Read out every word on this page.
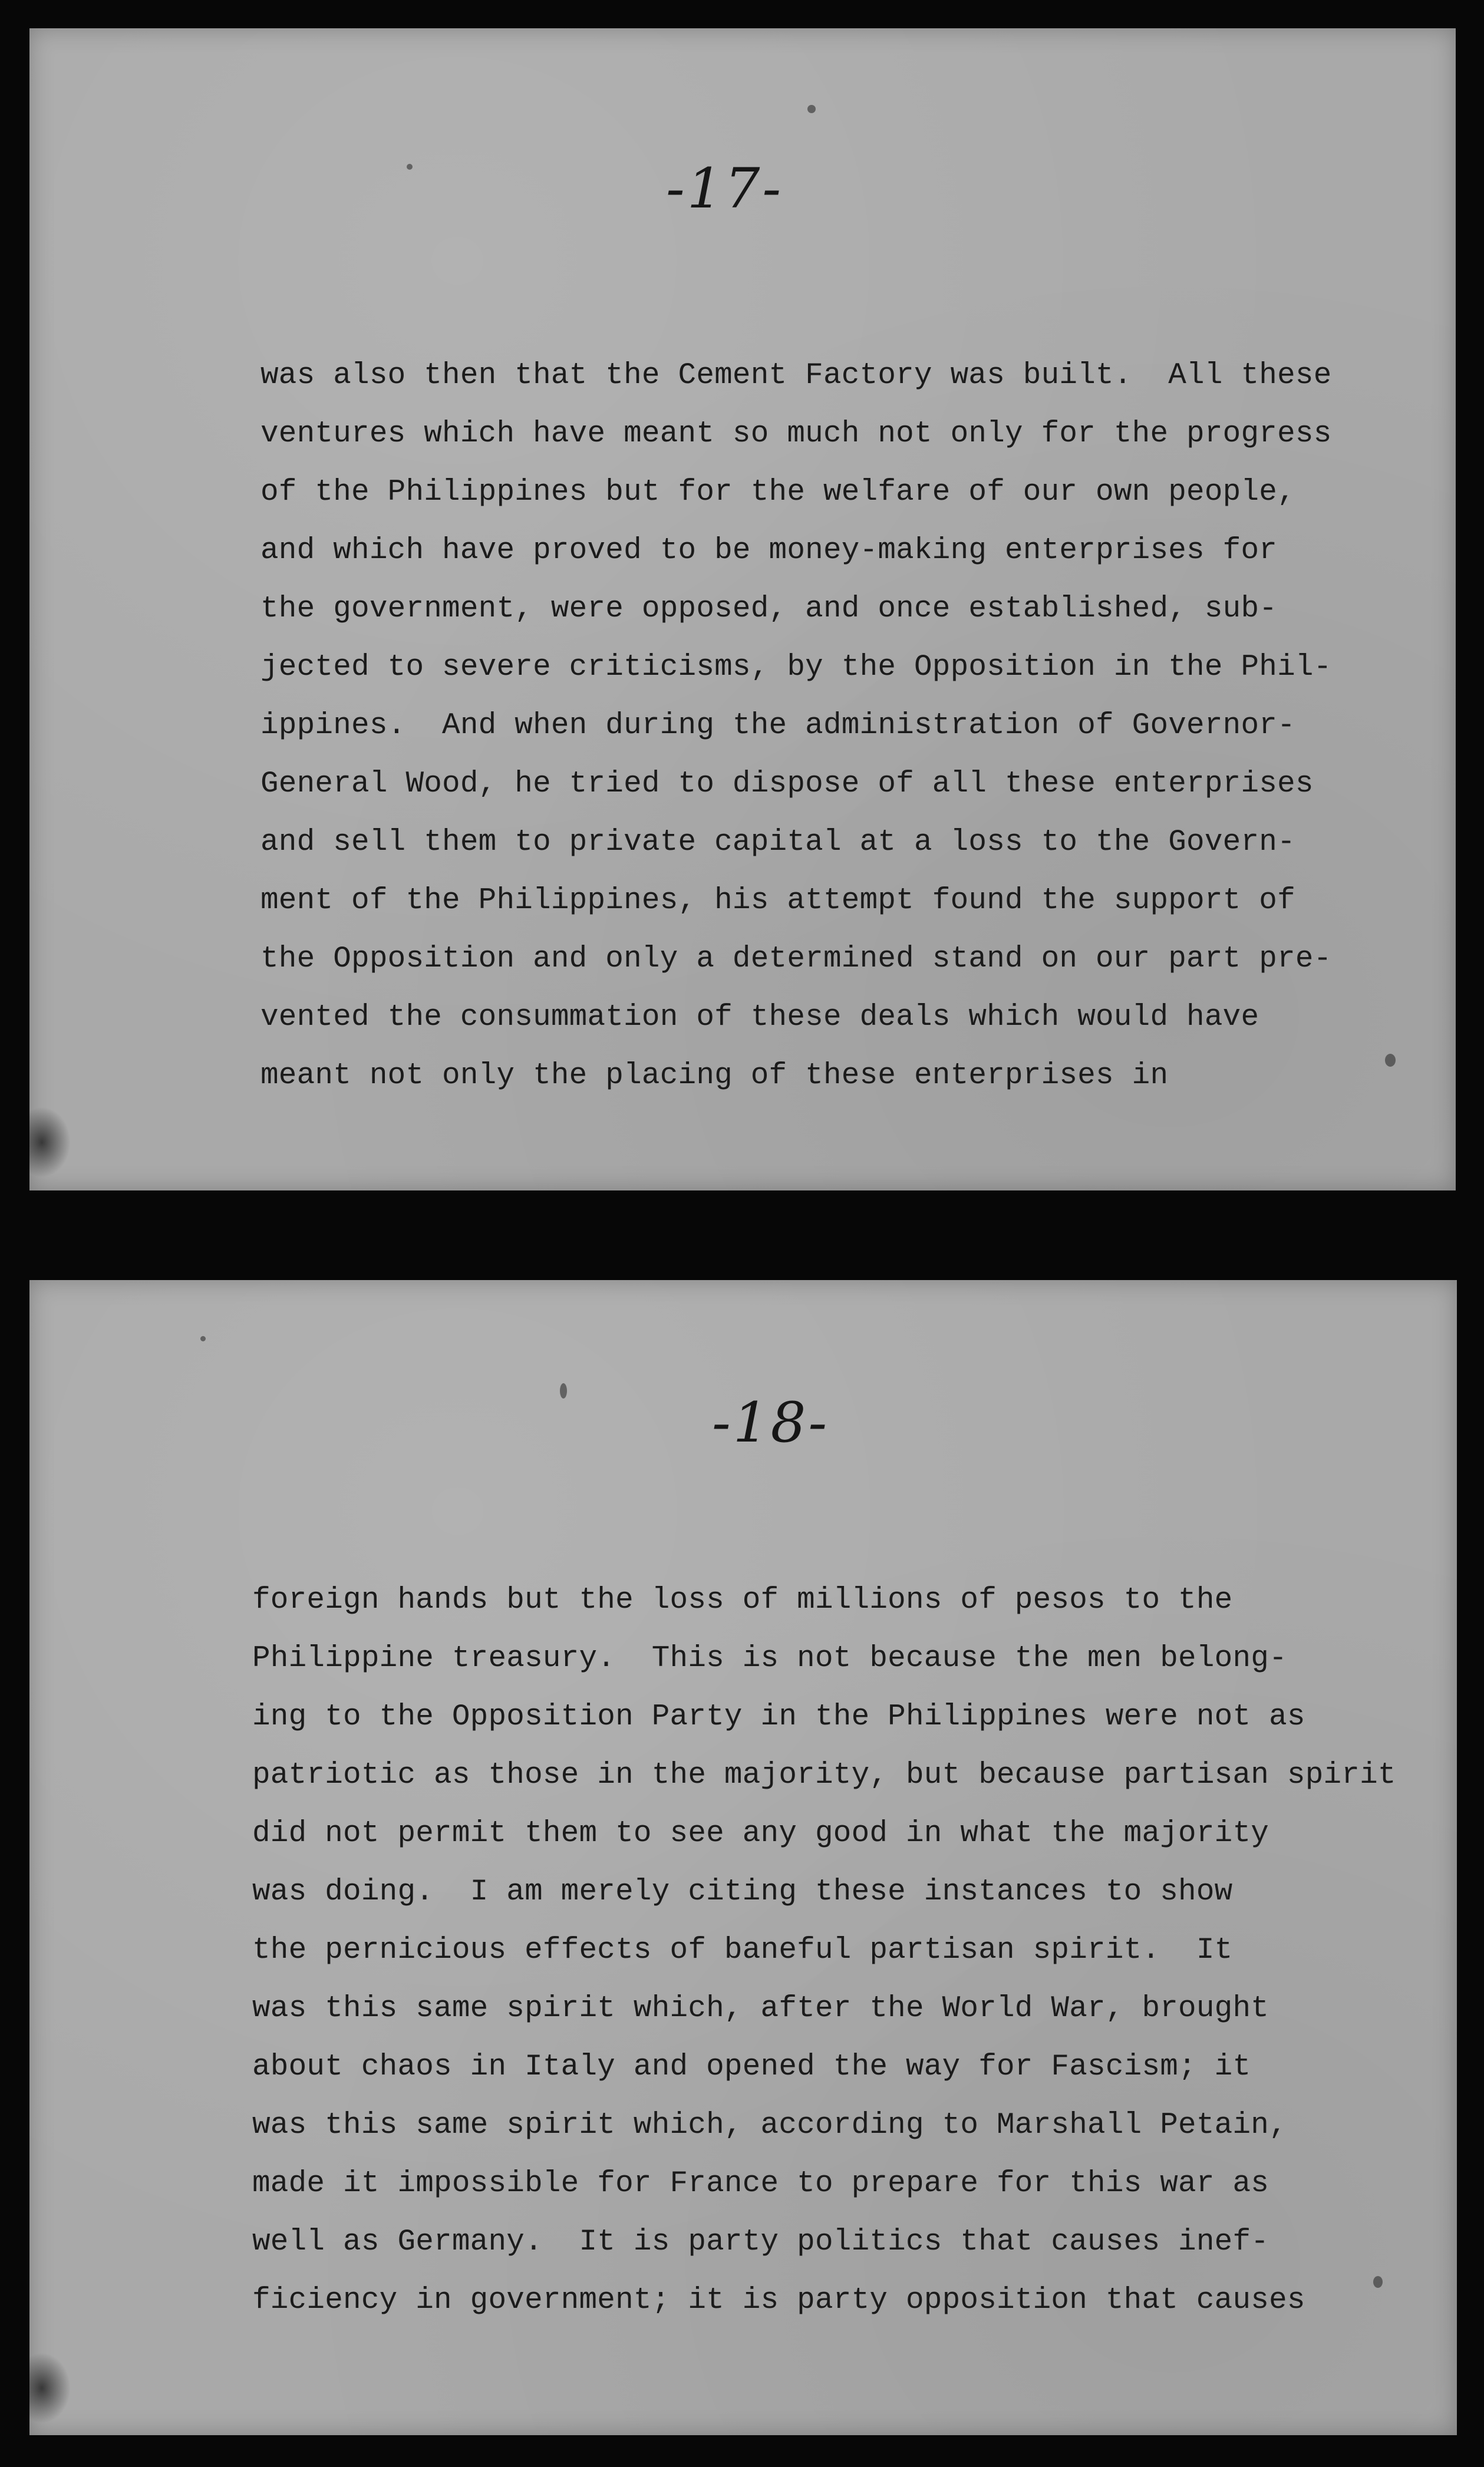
-17-
was also then that the Cement Factory was built.  All these
ventures which have meant so much not only for the progress
of the Philippines but for the welfare of our own people,
and which have proved to be money-making enterprises for
the government, were opposed, and once established, sub-
jected to severe criticisms, by the Opposition in the Phil-
ippines.  And when during the administration of Governor-
General Wood, he tried to dispose of all these enterprises
and sell them to private capital at a loss to the Govern-
ment of the Philippines, his attempt found the support of
the Opposition and only a determined stand on our part pre-
vented the consummation of these deals which would have
meant not only the placing of these enterprises in
-18-
foreign hands but the loss of millions of pesos to the
Philippine treasury.  This is not because the men belong-
ing to the Opposition Party in the Philippines were not as
patriotic as those in the majority, but because partisan spirit
did not permit them to see any good in what the majority
was doing.  I am merely citing these instances to show
the pernicious effects of baneful partisan spirit.  It
was this same spirit which, after the World War, brought
about chaos in Italy and opened the way for Fascism; it
was this same spirit which, according to Marshall Petain,
made it impossible for France to prepare for this war as
well as Germany.  It is party politics that causes inef-
ficiency in government; it is party opposition that causes
